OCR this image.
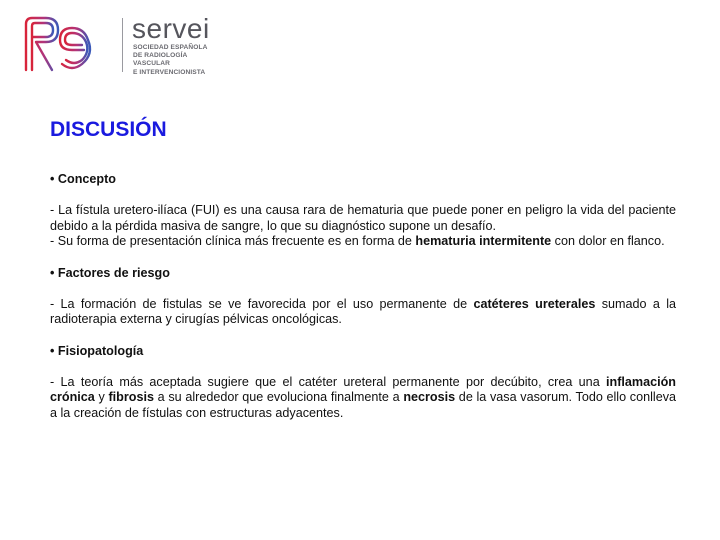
servei
SOCIEDAD ESPAÑOLA
DE RADIOLOGÍA
VASCULAR
E INTERVENCIONISTA
DISCUSIÓN
• Concepto

- La fístula uretero-ilíaca (FUI) es una causa rara de hematuria que puede poner en peligro la vida del paciente debido a la pérdida masiva de sangre, lo que su diagnóstico supone un desafío.

- Su forma de presentación clínica más frecuente es en forma de hematuria intermitente con dolor en flanco.

• Factores de riesgo

- La formación de fistulas se ve favorecida por el uso permanente de catéteres ureterales sumado a la radioterapia externa y cirugías pélvicas oncológicas.

• Fisiopatología

- La teoría más aceptada sugiere que el catéter ureteral permanente por decúbito, crea una inflamación crónica y fibrosis a su alrededor que evoluciona finalmente a necrosis de la vasa vasorum. Todo ello conlleva a la creación de fístulas con estructuras adyacentes.
